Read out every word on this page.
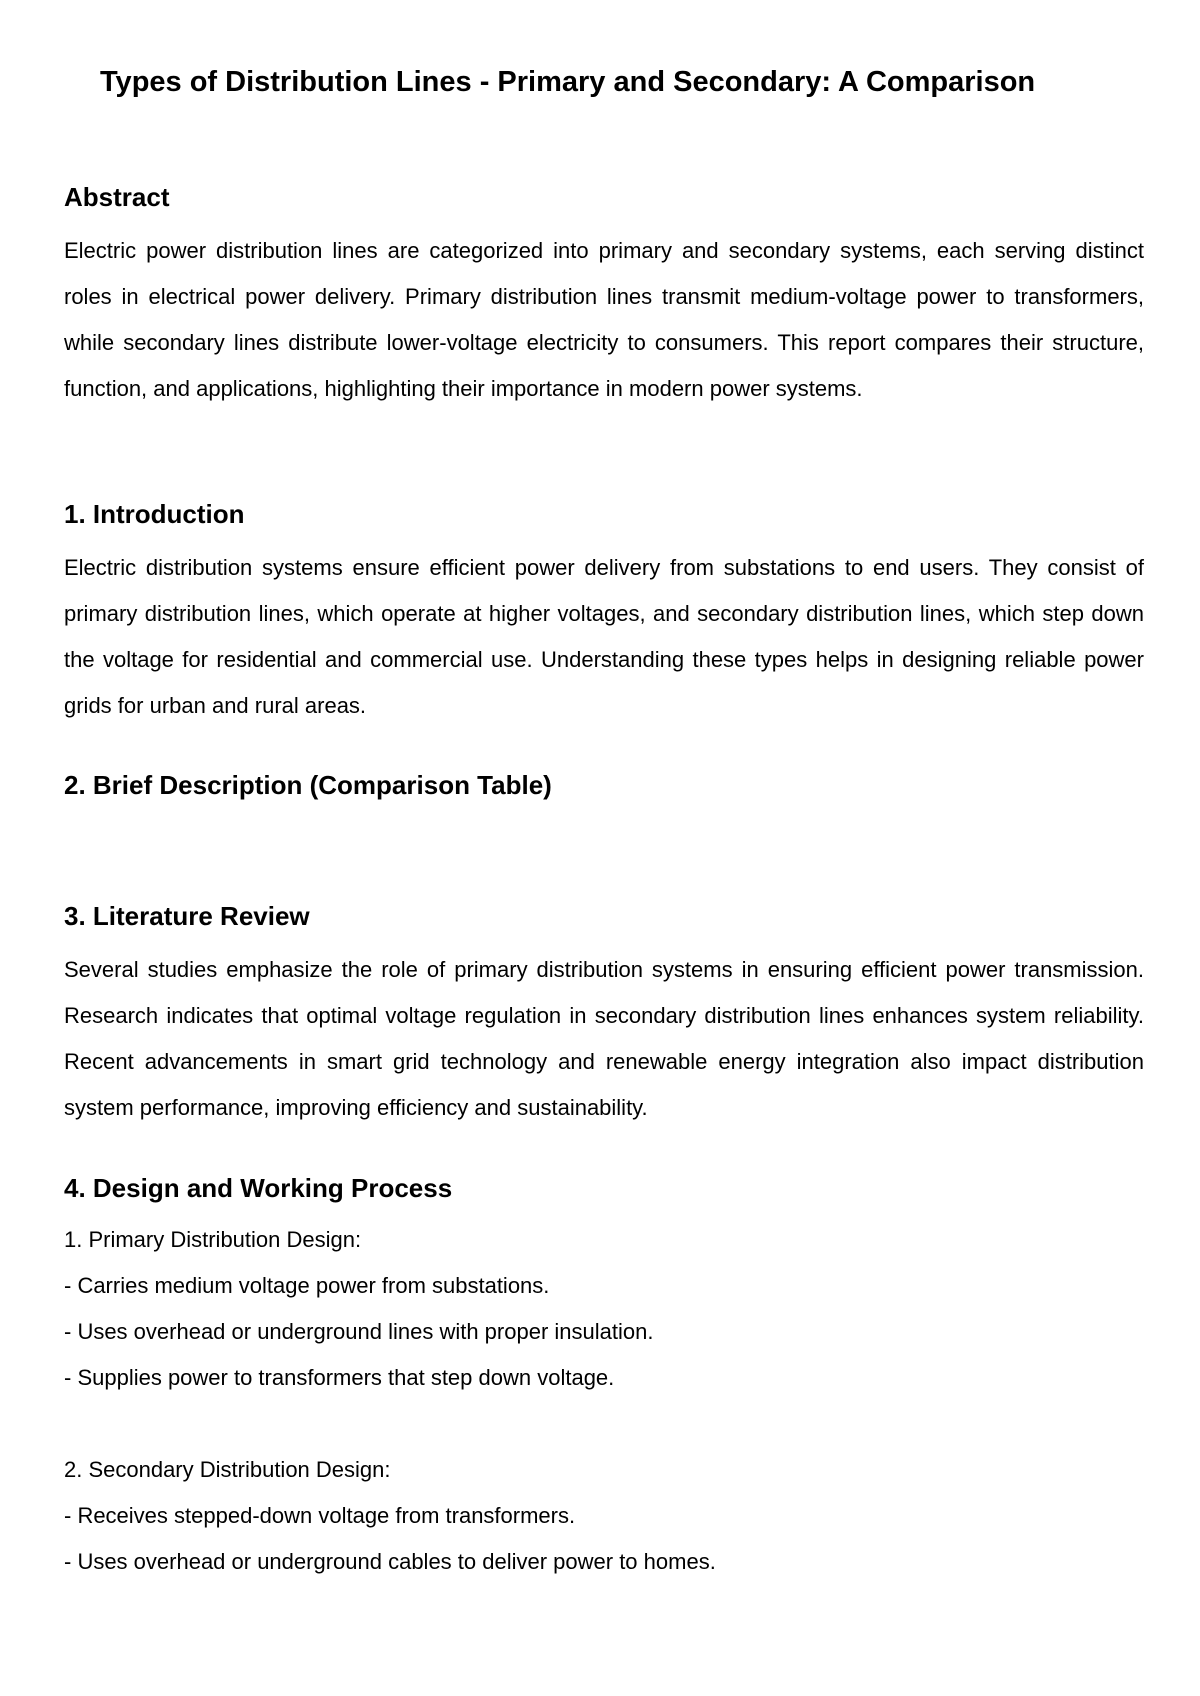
Types of Distribution Lines - Primary and Secondary: A Comparison
Abstract

Electric power distribution lines are categorized into primary and secondary systems, each serving distinct roles in electrical power delivery. Primary distribution lines transmit medium-voltage power to transformers, while secondary lines distribute lower-voltage electricity to consumers. This report compares their structure, function, and applications, highlighting their importance in modern power systems.

1. Introduction

Electric distribution systems ensure efficient power delivery from substations to end users. They consist of primary distribution lines, which operate at higher voltages, and secondary distribution lines, which step down the voltage for residential and commercial use. Understanding these types helps in designing reliable power grids for urban and rural areas.

2. Brief Description (Comparison Table)
3. Literature Review

Several studies emphasize the role of primary distribution systems in ensuring efficient power transmission. Research indicates that optimal voltage regulation in secondary distribution lines enhances system reliability. Recent advancements in smart grid technology and renewable energy integration also impact distribution system performance, improving efficiency and sustainability.

4. Design and Working Process
1. Primary Distribution Design:
- Carries medium voltage power from substations.
- Uses overhead or underground lines with proper insulation.
- Supplies power to transformers that step down voltage.
2. Secondary Distribution Design:
- Receives stepped-down voltage from transformers.
- Uses overhead or underground cables to deliver power to homes.
